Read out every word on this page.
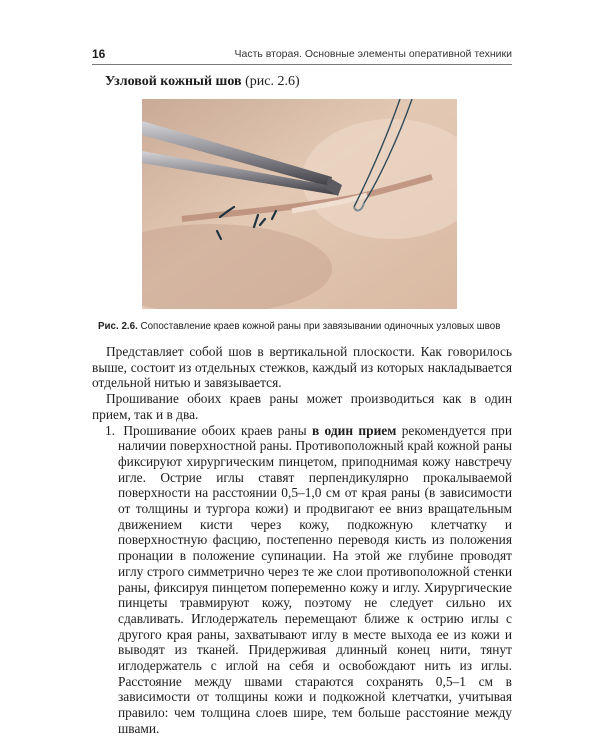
16	Часть вторая. Основные элементы оперативной техники
Узловой кожный шов (рис. 2.6)
Рис. 2.6. Сопоставление краев кожной раны при завязывании одиночных узловых швов

Представляет собой шов в вертикальной плоскости. Как говорилось выше, состоит из отдельных стежков, каждый из которых накладывается отдельной нитью и завязывается.

Прошивание обоих краев раны может производиться как в один прием, так и в два.

1. Прошивание обоих краев раны в один прием рекомендуется при наличии поверхностной раны. Противоположный край кожной раны фиксируют хирургическим пинцетом, приподнимая кожу навстречу игле. Острие иглы ставят перпендикулярно прокалываемой поверхности на расстоянии 0,5–1,0 см от края раны (в зависимости от толщины и тургора кожи) и продвигают ее вниз вращательным движением кисти через кожу, подкожную клетчатку и поверхностную фасцию, постепенно переводя кисть из положения пронации в положение супинации. На этой же глубине проводят иглу строго симметрично через те же слои противоположной стенки раны, фиксируя пинцетом попеременно кожу и иглу. Хирургические пинцеты травмируют кожу, поэтому не следует сильно их сдавливать. Иглодержатель перемещают ближе к острию иглы с другого края раны, захватывают иглу в месте выхода ее из кожи и выводят из тканей. Придерживая длинный конец нити, тянут иглодержатель с иглой на себя и освобождают нить из иглы. Расстояние между швами стараются сохранять 0,5–1 см в зависимости от толщины кожи и подкожной клетчатки, учитывая правило: чем толщина слоев шире, тем больше расстояние между швами.
